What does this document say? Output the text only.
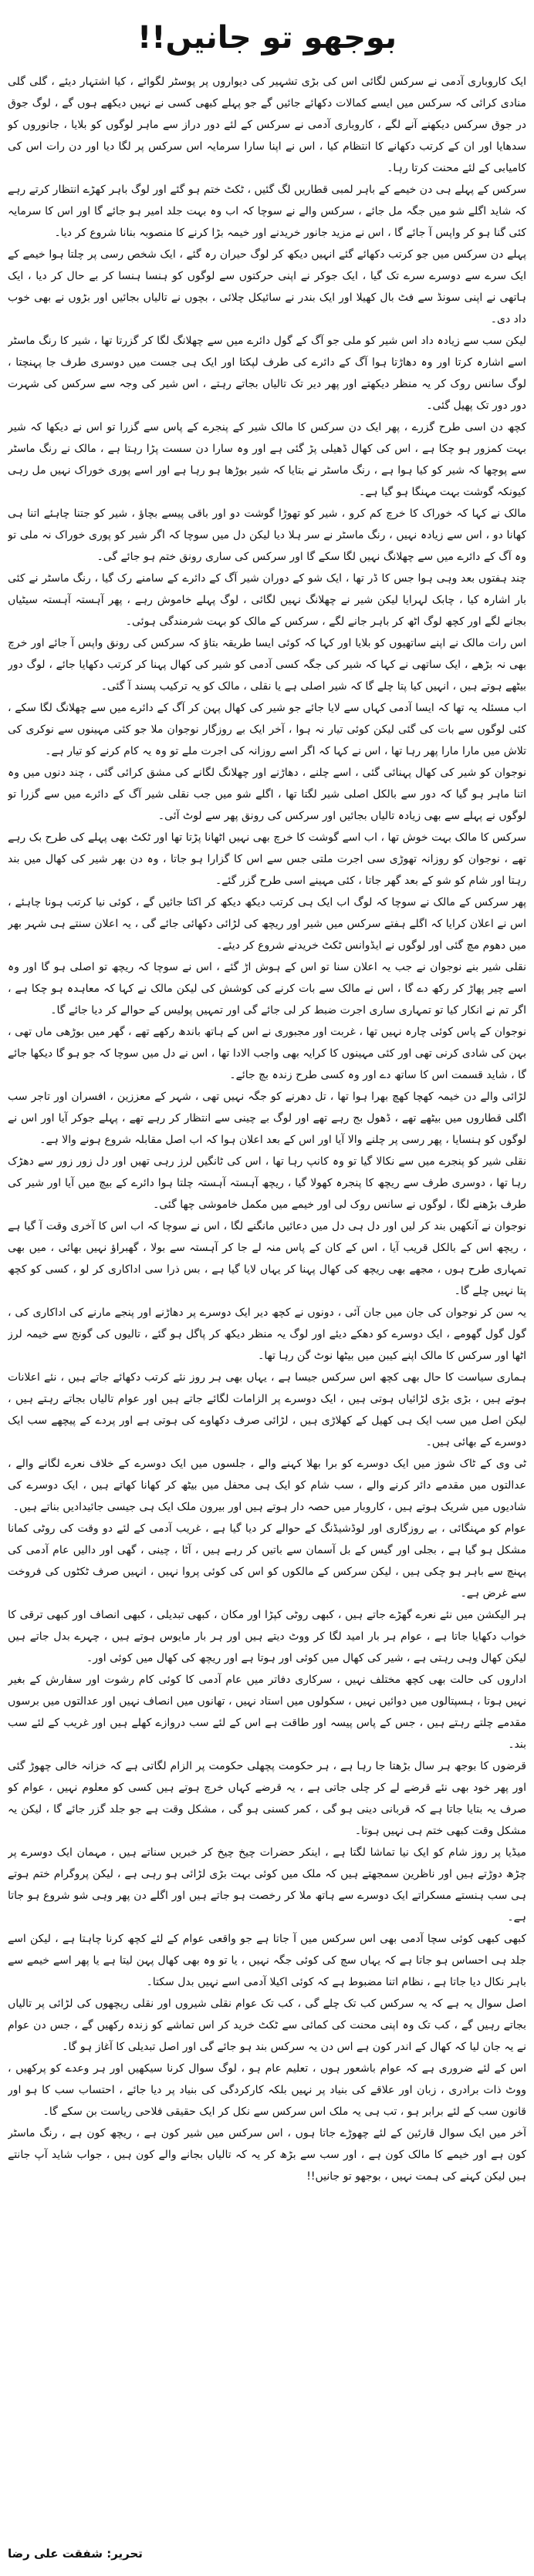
بوجھو تو جانیں!!

ایک کاروباری آدمی نے سرکس لگائی اس کی بڑی تشہیر کی دیواروں پر پوسٹر لگوائے ، کیا اشتہار دیئے ، گلی گلی منادی کرائی کہ سرکس میں ایسے کمالات دکھائے جائیں گے جو پہلے کبھی کسی نے نہیں دیکھے ہوں گے ، لوگ جوق در جوق سرکس دیکھنے آنے لگے ، کاروباری آدمی نے سرکس کے لئے دور دراز سے ماہر لوگوں کو بلایا ، جانوروں کو سدھایا اور ان کے کرتب دکھانے کا انتظام کیا ، اس نے اپنا سارا سرمایہ اس سرکس پر لگا دیا اور دن رات اس کی کامیابی کے لئے محنت کرتا رہا۔

سرکس کے پہلے ہی دن خیمے کے باہر لمبی قطاریں لگ گئیں ، ٹکٹ ختم ہو گئے اور لوگ باہر کھڑے انتظار کرتے رہے کہ شاید اگلے شو میں جگہ مل جائے ، سرکس والے نے سوچا کہ اب وہ بہت جلد امیر ہو جائے گا اور اس کا سرمایہ کئی گنا ہو کر واپس آ جائے گا ، اس نے مزید جانور خریدنے اور خیمہ بڑا کرنے کا منصوبہ بنانا شروع کر دیا۔

پہلے دن سرکس میں جو کرتب دکھائے گئے انہیں دیکھ کر لوگ حیران رہ گئے ، ایک شخص رسی پر چلتا ہوا خیمے کے ایک سرے سے دوسرے سرے تک گیا ، ایک جوکر نے اپنی حرکتوں سے لوگوں کو ہنسا ہنسا کر بے حال کر دیا ، ایک ہاتھی نے اپنی سونڈ سے فٹ بال کھیلا اور ایک بندر نے سائیکل چلائی ، بچوں نے تالیاں بجائیں اور بڑوں نے بھی خوب داد دی۔

لیکن سب سے زیادہ داد اس شیر کو ملی جو آگ کے گول دائرے میں سے چھلانگ لگا کر گزرتا تھا ، شیر کا رنگ ماسٹر اسے اشارہ کرتا اور وہ دھاڑتا ہوا آگ کے دائرے کی طرف لپکتا اور ایک ہی جست میں دوسری طرف جا پہنچتا ، لوگ سانس روک کر یہ منظر دیکھتے اور پھر دیر تک تالیاں بجاتے رہتے ، اس شیر کی وجہ سے سرکس کی شہرت دور دور تک پھیل گئی۔

کچھ دن اسی طرح گزرے ، پھر ایک دن سرکس کا مالک شیر کے پنجرے کے پاس سے گزرا تو اس نے دیکھا کہ شیر بہت کمزور ہو چکا ہے ، اس کی کھال ڈھیلی پڑ گئی ہے اور وہ سارا دن سست پڑا رہتا ہے ، مالک نے رنگ ماسٹر سے پوچھا کہ شیر کو کیا ہوا ہے ، رنگ ماسٹر نے بتایا کہ شیر بوڑھا ہو رہا ہے اور اسے پوری خوراک نہیں مل رہی کیونکہ گوشت بہت مہنگا ہو گیا ہے۔

مالک نے کہا کہ خوراک کا خرچ کم کرو ، شیر کو تھوڑا گوشت دو اور باقی پیسے بچاؤ ، شیر کو جتنا چاہئے اتنا ہی کھانا دو ، اس سے زیادہ نہیں ، رنگ ماسٹر نے سر ہلا دیا لیکن دل میں سوچا کہ اگر شیر کو پوری خوراک نہ ملی تو وہ آگ کے دائرے میں سے چھلانگ نہیں لگا سکے گا اور سرکس کی ساری رونق ختم ہو جائے گی۔

چند ہفتوں بعد وہی ہوا جس کا ڈر تھا ، ایک شو کے دوران شیر آگ کے دائرے کے سامنے رک گیا ، رنگ ماسٹر نے کئی بار اشارہ کیا ، چابک لہرایا لیکن شیر نے چھلانگ نہیں لگائی ، لوگ پہلے خاموش رہے ، پھر آہستہ آہستہ سیٹیاں بجانے لگے اور کچھ لوگ اٹھ کر باہر جانے لگے ، سرکس کے مالک کو بہت شرمندگی ہوئی۔

اس رات مالک نے اپنے ساتھیوں کو بلایا اور کہا کہ کوئی ایسا طریقہ بتاؤ کہ سرکس کی رونق واپس آ جائے اور خرچ بھی نہ بڑھے ، ایک ساتھی نے کہا کہ شیر کی جگہ کسی آدمی کو شیر کی کھال پہنا کر کرتب دکھایا جائے ، لوگ دور بیٹھے ہوتے ہیں ، انہیں کیا پتا چلے گا کہ شیر اصلی ہے یا نقلی ، مالک کو یہ ترکیب پسند آ گئی۔

اب مسئلہ یہ تھا کہ ایسا آدمی کہاں سے لایا جائے جو شیر کی کھال پہن کر آگ کے دائرے میں سے چھلانگ لگا سکے ، کئی لوگوں سے بات کی گئی لیکن کوئی تیار نہ ہوا ، آخر ایک بے روزگار نوجوان ملا جو کئی مہینوں سے نوکری کی تلاش میں مارا مارا پھر رہا تھا ، اس نے کہا کہ اگر اسے روزانہ کی اجرت ملے تو وہ یہ کام کرنے کو تیار ہے۔

نوجوان کو شیر کی کھال پہنائی گئی ، اسے چلنے ، دھاڑنے اور چھلانگ لگانے کی مشق کرائی گئی ، چند دنوں میں وہ اتنا ماہر ہو گیا کہ دور سے بالکل اصلی شیر لگتا تھا ، اگلے شو میں جب نقلی شیر آگ کے دائرے میں سے گزرا تو لوگوں نے پہلے سے بھی زیادہ تالیاں بجائیں اور سرکس کی رونق پھر سے لوٹ آئی۔

سرکس کا مالک بہت خوش تھا ، اب اسے گوشت کا خرچ بھی نہیں اٹھانا پڑتا تھا اور ٹکٹ بھی پہلے کی طرح بک رہے تھے ، نوجوان کو روزانہ تھوڑی سی اجرت ملتی جس سے اس کا گزارا ہو جاتا ، وہ دن بھر شیر کی کھال میں بند رہتا اور شام کو شو کے بعد گھر جاتا ، کئی مہینے اسی طرح گزر گئے۔

پھر سرکس کے مالک نے سوچا کہ لوگ اب ایک ہی کرتب دیکھ دیکھ کر اکتا جائیں گے ، کوئی نیا کرتب ہونا چاہئے ، اس نے اعلان کرایا کہ اگلے ہفتے سرکس میں شیر اور ریچھ کی لڑائی دکھائی جائے گی ، یہ اعلان سنتے ہی شہر بھر میں دھوم مچ گئی اور لوگوں نے ایڈوانس ٹکٹ خریدنے شروع کر دیئے۔

نقلی شیر بنے نوجوان نے جب یہ اعلان سنا تو اس کے ہوش اڑ گئے ، اس نے سوچا کہ ریچھ تو اصلی ہو گا اور وہ اسے چیر پھاڑ کر رکھ دے گا ، اس نے مالک سے بات کرنے کی کوشش کی لیکن مالک نے کہا کہ معاہدہ ہو چکا ہے ، اگر تم نے انکار کیا تو تمہاری ساری اجرت ضبط کر لی جائے گی اور تمہیں پولیس کے حوالے کر دیا جائے گا۔

نوجوان کے پاس کوئی چارہ نہیں تھا ، غربت اور مجبوری نے اس کے ہاتھ باندھ رکھے تھے ، گھر میں بوڑھی ماں تھی ، بہن کی شادی کرنی تھی اور کئی مہینوں کا کرایہ بھی واجب الادا تھا ، اس نے دل میں سوچا کہ جو ہو گا دیکھا جائے گا ، شاید قسمت اس کا ساتھ دے اور وہ کسی طرح زندہ بچ جائے۔

لڑائی والے دن خیمہ کھچا کھچ بھرا ہوا تھا ، تل دھرنے کو جگہ نہیں تھی ، شہر کے معززین ، افسران اور تاجر سب اگلی قطاروں میں بیٹھے تھے ، ڈھول بج رہے تھے اور لوگ بے چینی سے انتظار کر رہے تھے ، پہلے جوکر آیا اور اس نے لوگوں کو ہنسایا ، پھر رسی پر چلنے والا آیا اور اس کے بعد اعلان ہوا کہ اب اصل مقابلہ شروع ہونے والا ہے۔

نقلی شیر کو پنجرے میں سے نکالا گیا تو وہ کانپ رہا تھا ، اس کی ٹانگیں لرز رہی تھیں اور دل زور زور سے دھڑک رہا تھا ، دوسری طرف سے ریچھ کا پنجرہ کھولا گیا ، ریچھ آہستہ آہستہ چلتا ہوا دائرے کے بیچ میں آیا اور شیر کی طرف بڑھنے لگا ، لوگوں نے سانس روک لی اور خیمے میں مکمل خاموشی چھا گئی۔

نوجوان نے آنکھیں بند کر لیں اور دل ہی دل میں دعائیں مانگنے لگا ، اس نے سوچا کہ اب اس کا آخری وقت آ گیا ہے ، ریچھ اس کے بالکل قریب آیا ، اس کے کان کے پاس منہ لے جا کر آہستہ سے بولا ، گھبراؤ نہیں بھائی ، میں بھی تمہاری طرح ہوں ، مجھے بھی ریچھ کی کھال پہنا کر یہاں لایا گیا ہے ، بس ذرا سی اداکاری کر لو ، کسی کو کچھ پتا نہیں چلے گا۔

یہ سن کر نوجوان کی جان میں جان آئی ، دونوں نے کچھ دیر ایک دوسرے پر دھاڑنے اور پنجے مارنے کی اداکاری کی ، گول گول گھومے ، ایک دوسرے کو دھکے دیئے اور لوگ یہ منظر دیکھ کر پاگل ہو گئے ، تالیوں کی گونج سے خیمہ لرز اٹھا اور سرکس کا مالک اپنے کیبن میں بیٹھا نوٹ گن رہا تھا۔

ہماری سیاست کا حال بھی کچھ اس سرکس جیسا ہے ، یہاں بھی ہر روز نئے کرتب دکھائے جاتے ہیں ، نئے اعلانات ہوتے ہیں ، بڑی بڑی لڑائیاں ہوتی ہیں ، ایک دوسرے پر الزامات لگائے جاتے ہیں اور عوام تالیاں بجاتے رہتے ہیں ، لیکن اصل میں سب ایک ہی کھیل کے کھلاڑی ہیں ، لڑائی صرف دکھاوے کی ہوتی ہے اور پردے کے پیچھے سب ایک دوسرے کے بھائی ہیں۔

ٹی وی کے ٹاک شوز میں ایک دوسرے کو برا بھلا کہنے والے ، جلسوں میں ایک دوسرے کے خلاف نعرے لگانے والے ، عدالتوں میں مقدمے دائر کرنے والے ، سب شام کو ایک ہی محفل میں بیٹھ کر کھانا کھاتے ہیں ، ایک دوسرے کی شادیوں میں شریک ہوتے ہیں ، کاروبار میں حصہ دار ہوتے ہیں اور بیرون ملک ایک ہی جیسی جائیدادیں بناتے ہیں۔

عوام کو مہنگائی ، بے روزگاری اور لوڈشیڈنگ کے حوالے کر دیا گیا ہے ، غریب آدمی کے لئے دو وقت کی روٹی کمانا مشکل ہو گیا ہے ، بجلی اور گیس کے بل آسمان سے باتیں کر رہے ہیں ، آٹا ، چینی ، گھی اور دالیں عام آدمی کی پہنچ سے باہر ہو چکی ہیں ، لیکن سرکس کے مالکوں کو اس کی کوئی پروا نہیں ، انہیں صرف ٹکٹوں کی فروخت سے غرض ہے۔

ہر الیکشن میں نئے نعرے گھڑے جاتے ہیں ، کبھی روٹی کپڑا اور مکان ، کبھی تبدیلی ، کبھی انصاف اور کبھی ترقی کا خواب دکھایا جاتا ہے ، عوام ہر بار امید لگا کر ووٹ دیتے ہیں اور ہر بار مایوس ہوتے ہیں ، چہرے بدل جاتے ہیں لیکن کھال وہی رہتی ہے ، شیر کی کھال میں کوئی اور ہوتا ہے اور ریچھ کی کھال میں کوئی اور۔

اداروں کی حالت بھی کچھ مختلف نہیں ، سرکاری دفاتر میں عام آدمی کا کوئی کام رشوت اور سفارش کے بغیر نہیں ہوتا ، ہسپتالوں میں دوائیں نہیں ، سکولوں میں استاد نہیں ، تھانوں میں انصاف نہیں اور عدالتوں میں برسوں مقدمے چلتے رہتے ہیں ، جس کے پاس پیسہ اور طاقت ہے اس کے لئے سب دروازے کھلے ہیں اور غریب کے لئے سب بند۔

قرضوں کا بوجھ ہر سال بڑھتا جا رہا ہے ، ہر حکومت پچھلی حکومت پر الزام لگاتی ہے کہ خزانہ خالی چھوڑ گئی اور پھر خود بھی نئے قرضے لے کر چلی جاتی ہے ، یہ قرضے کہاں خرچ ہوتے ہیں کسی کو معلوم نہیں ، عوام کو صرف یہ بتایا جاتا ہے کہ قربانی دینی ہو گی ، کمر کسنی ہو گی ، مشکل وقت ہے جو جلد گزر جائے گا ، لیکن یہ مشکل وقت کبھی ختم ہی نہیں ہوتا۔

میڈیا پر روز شام کو ایک نیا تماشا لگتا ہے ، اینکر حضرات چیخ چیخ کر خبریں سناتے ہیں ، مہمان ایک دوسرے پر چڑھ دوڑتے ہیں اور ناظرین سمجھتے ہیں کہ ملک میں کوئی بہت بڑی لڑائی ہو رہی ہے ، لیکن پروگرام ختم ہوتے ہی سب ہنستے مسکراتے ایک دوسرے سے ہاتھ ملا کر رخصت ہو جاتے ہیں اور اگلے دن پھر وہی شو شروع ہو جاتا ہے۔

کبھی کبھی کوئی سچا آدمی بھی اس سرکس میں آ جاتا ہے جو واقعی عوام کے لئے کچھ کرنا چاہتا ہے ، لیکن اسے جلد ہی احساس ہو جاتا ہے کہ یہاں سچ کی کوئی جگہ نہیں ، یا تو وہ بھی کھال پہن لیتا ہے یا پھر اسے خیمے سے باہر نکال دیا جاتا ہے ، نظام اتنا مضبوط ہے کہ کوئی اکیلا آدمی اسے نہیں بدل سکتا۔

اصل سوال یہ ہے کہ یہ سرکس کب تک چلے گی ، کب تک عوام نقلی شیروں اور نقلی ریچھوں کی لڑائی پر تالیاں بجاتے رہیں گے ، کب تک وہ اپنی محنت کی کمائی سے ٹکٹ خرید کر اس تماشے کو زندہ رکھیں گے ، جس دن عوام نے یہ جان لیا کہ کھال کے اندر کون ہے اس دن یہ سرکس بند ہو جائے گی اور اصل تبدیلی کا آغاز ہو گا۔

اس کے لئے ضروری ہے کہ عوام باشعور ہوں ، تعلیم عام ہو ، لوگ سوال کرنا سیکھیں اور ہر وعدے کو پرکھیں ، ووٹ ذات برادری ، زبان اور علاقے کی بنیاد پر نہیں بلکہ کارکردگی کی بنیاد پر دیا جائے ، احتساب سب کا ہو اور قانون سب کے لئے برابر ہو ، تب ہی یہ ملک اس سرکس سے نکل کر ایک حقیقی فلاحی ریاست بن سکے گا۔

آخر میں ایک سوال قارئین کے لئے چھوڑے جاتا ہوں ، اس سرکس میں شیر کون ہے ، ریچھ کون ہے ، رنگ ماسٹر کون ہے اور خیمے کا مالک کون ہے ، اور سب سے بڑھ کر یہ کہ تالیاں بجانے والے کون ہیں ، جواب شاید آپ جانتے ہیں لیکن کہنے کی ہمت نہیں ، بوجھو تو جانیں!!

تحریر: شفقت علی رضا
